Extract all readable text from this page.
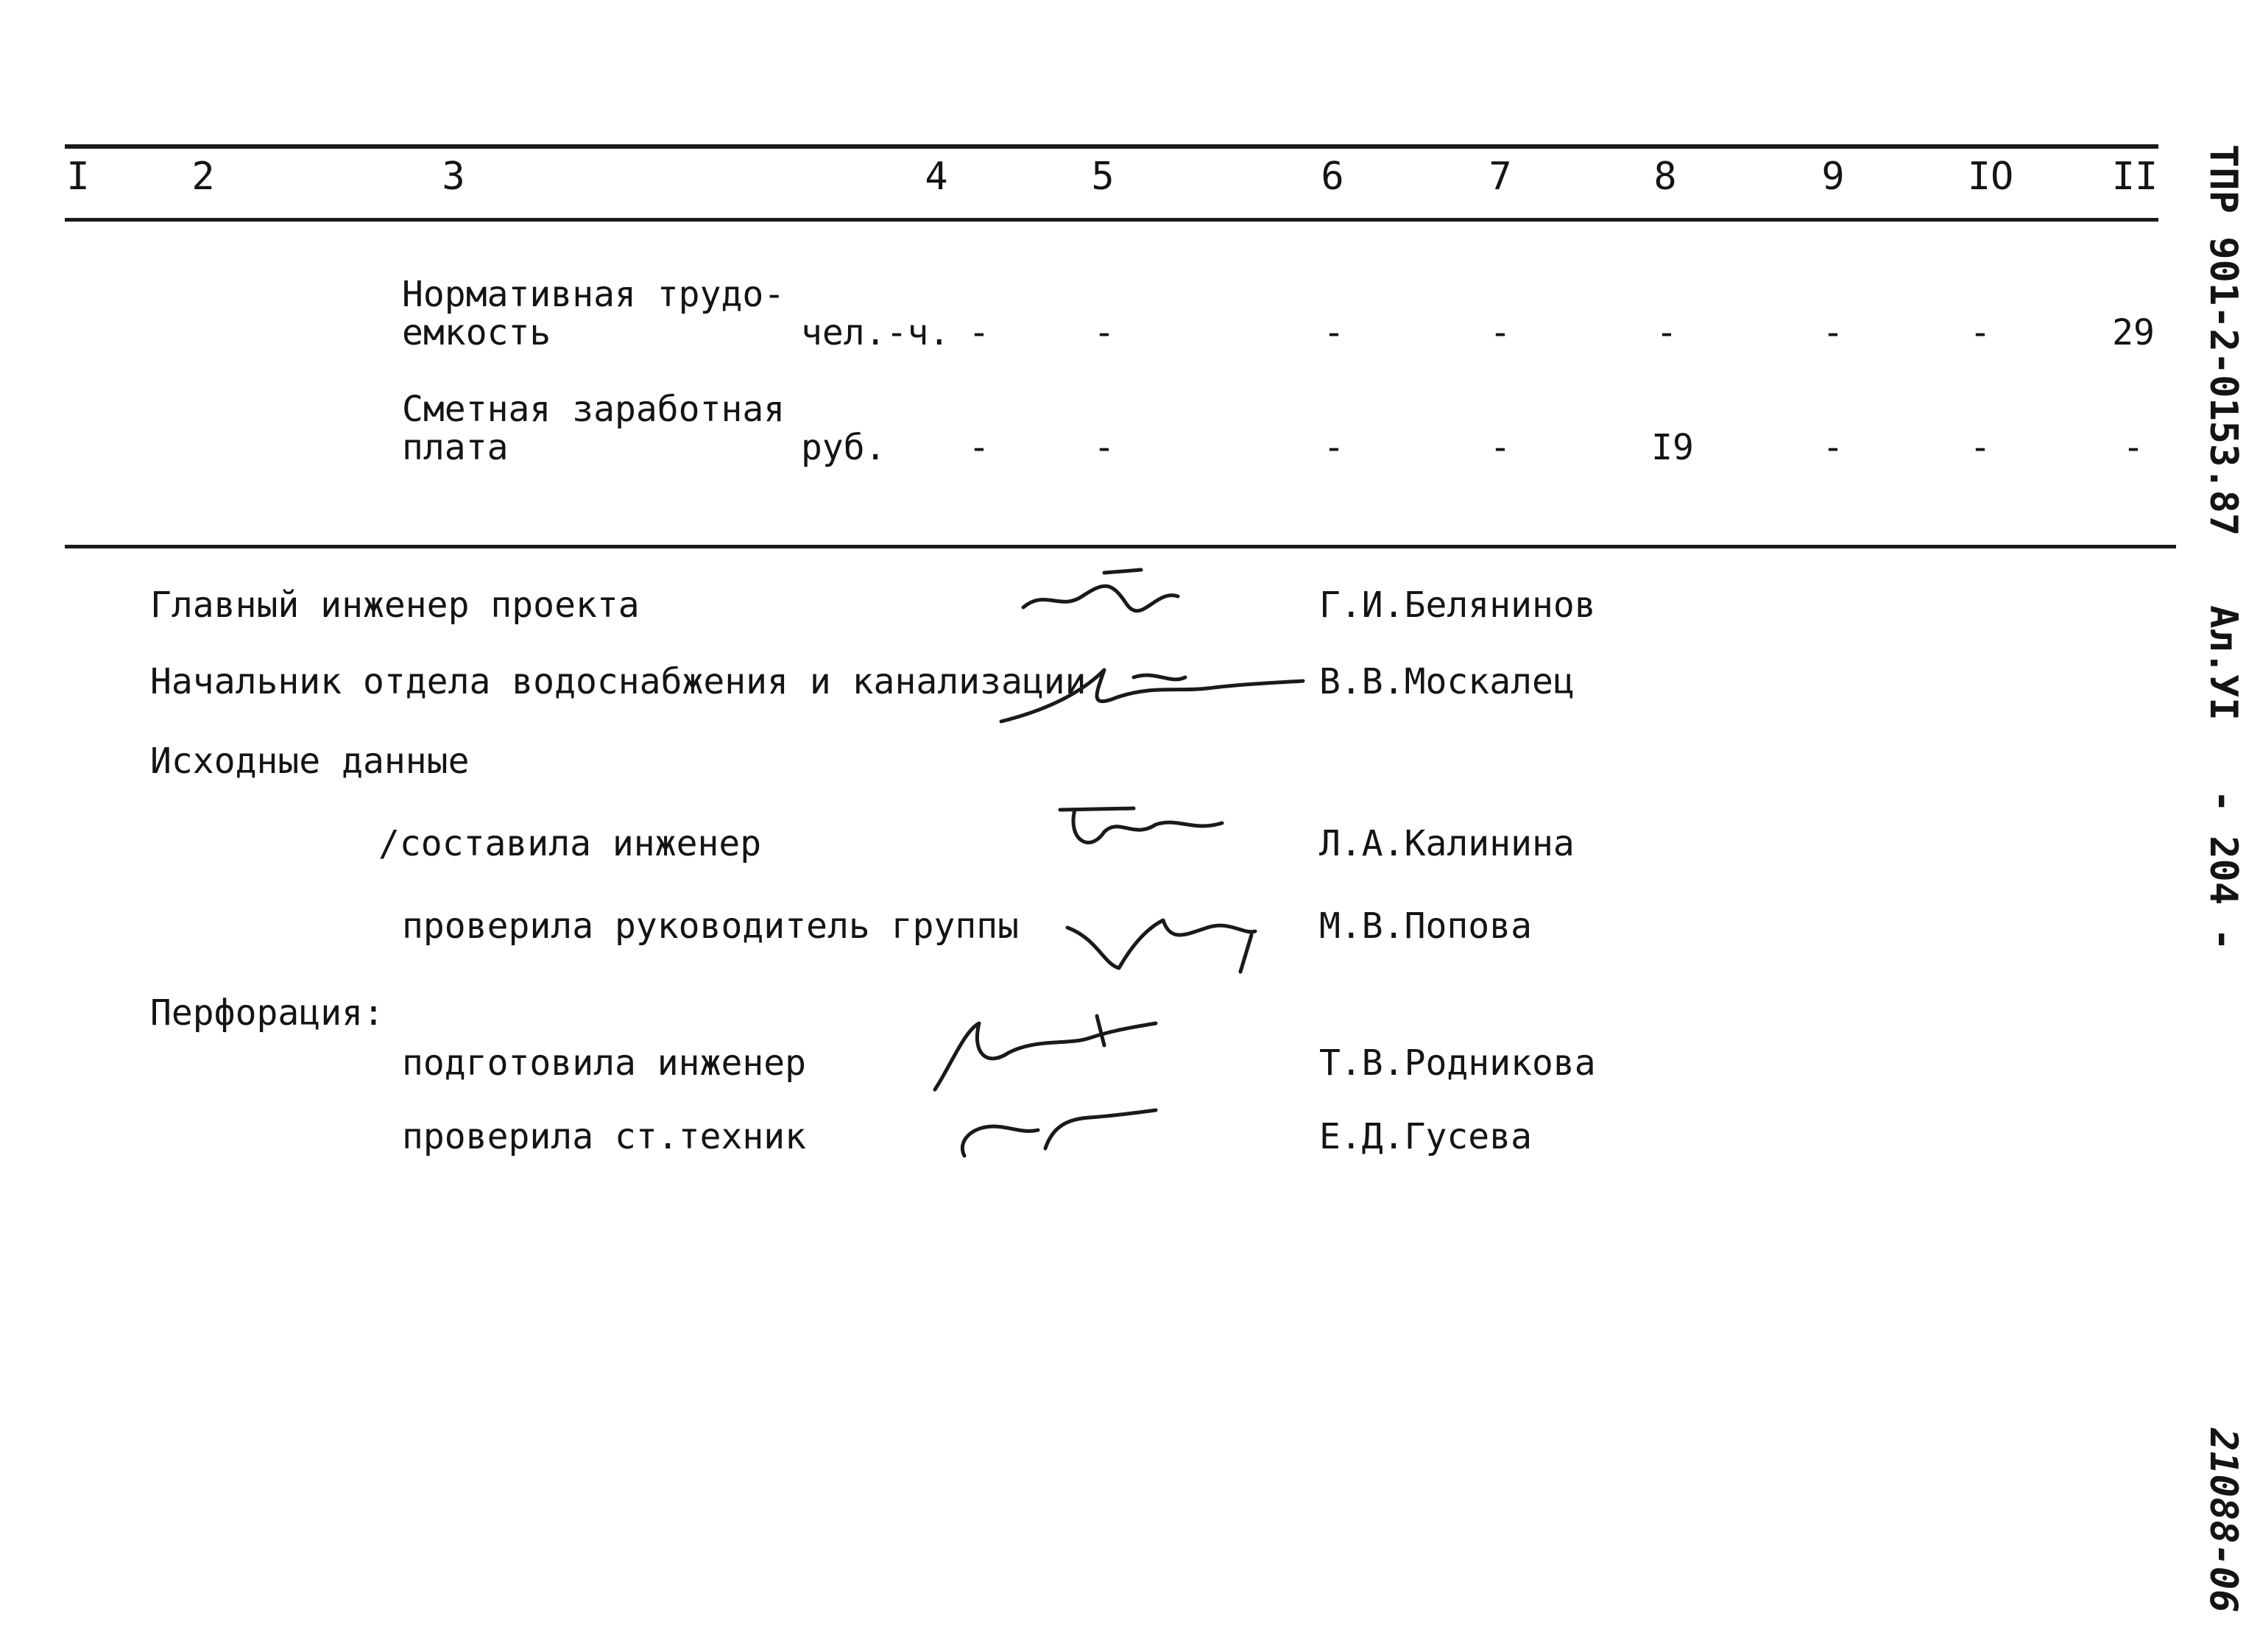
I	2	3	4	5	6	7	8	9	IO	II
Нормативная трудо-
емкость	чел.-ч. -	-	-	-	-	-	-	29
Сметная заработная
плата	руб. -	-	-	-	I9	-	-	-
Главный инженер проекта	Г.И.Белянинов
Начальник отдела водоснабжения и канализации	В.В.Москалец
Исходные данные
/составила инженер	Л.А.Калинина
проверила руководитель группы	М.В.Попова
Перфорация:
подготовила инженер	Т.В.Родникова
проверила ст.техник	Е.Д.Гусева
ТПР 901-2-0153.87   Ал.УI   - 204 -
21088-06
